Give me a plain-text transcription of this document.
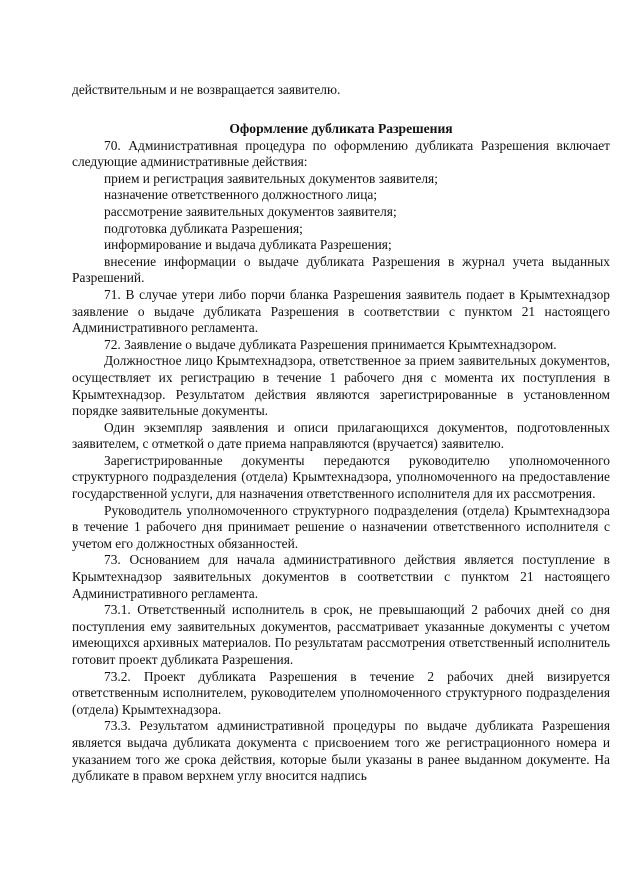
действительным и не возвращается заявителю.

Оформление дубликата Разрешения

70. Административная процедура по оформлению дубликата Разрешения включает следующие административные действия:

прием и регистрация заявительных документов заявителя;

назначение ответственного должностного лица;

рассмотрение заявительных документов заявителя;

подготовка дубликата Разрешения;

информирование и выдача дубликата Разрешения;

внесение информации о выдаче дубликата Разрешения в журнал учета выданных Разрешений.

71. В случае утери либо порчи бланка Разрешения заявитель подает в Крымтехнадзор заявление о выдаче дубликата Разрешения в соответствии с пунктом 21 настоящего Административного регламента.

72. Заявление о выдаче дубликата Разрешения принимается Крымтехнадзором.

Должностное лицо Крымтехнадзора, ответственное за прием заявительных документов, осуществляет их регистрацию в течение 1 рабочего дня с момента их поступления в Крымтехнадзор. Результатом действия являются зарегистрированные в установленном порядке заявительные документы.

Один экземпляр заявления и описи прилагающихся документов, подготовленных заявителем, с отметкой о дате приема направляются (вручается) заявителю.

Зарегистрированные документы передаются руководителю уполномоченного структурного подразделения (отдела) Крымтехнадзора, уполномоченного на предоставление государственной услуги, для назначения ответственного исполнителя для их рассмотрения.

Руководитель уполномоченного структурного подразделения (отдела) Крымтехнадзора в течение 1 рабочего дня принимает решение о назначении ответственного исполнителя с учетом его должностных обязанностей.

73. Основанием для начала административного действия является поступление в Крымтехнадзор заявительных документов в соответствии с пунктом 21 настоящего Административного регламента.

73.1. Ответственный исполнитель в срок, не превышающий 2 рабочих дней со дня поступления ему заявительных документов, рассматривает указанные документы с учетом имеющихся архивных материалов. По результатам рассмотрения ответственный исполнитель готовит проект дубликата Разрешения.

73.2. Проект дубликата Разрешения в течение 2 рабочих дней визируется ответственным исполнителем, руководителем уполномоченного структурного подразделения (отдела) Крымтехнадзора.

73.3. Результатом административной процедуры по выдаче дубликата Разрешения является выдача дубликата документа с присвоением того же регистрационного номера и указанием того же срока действия, которые были указаны в ранее выданном документе. На дубликате в правом верхнем углу вносится надпись
